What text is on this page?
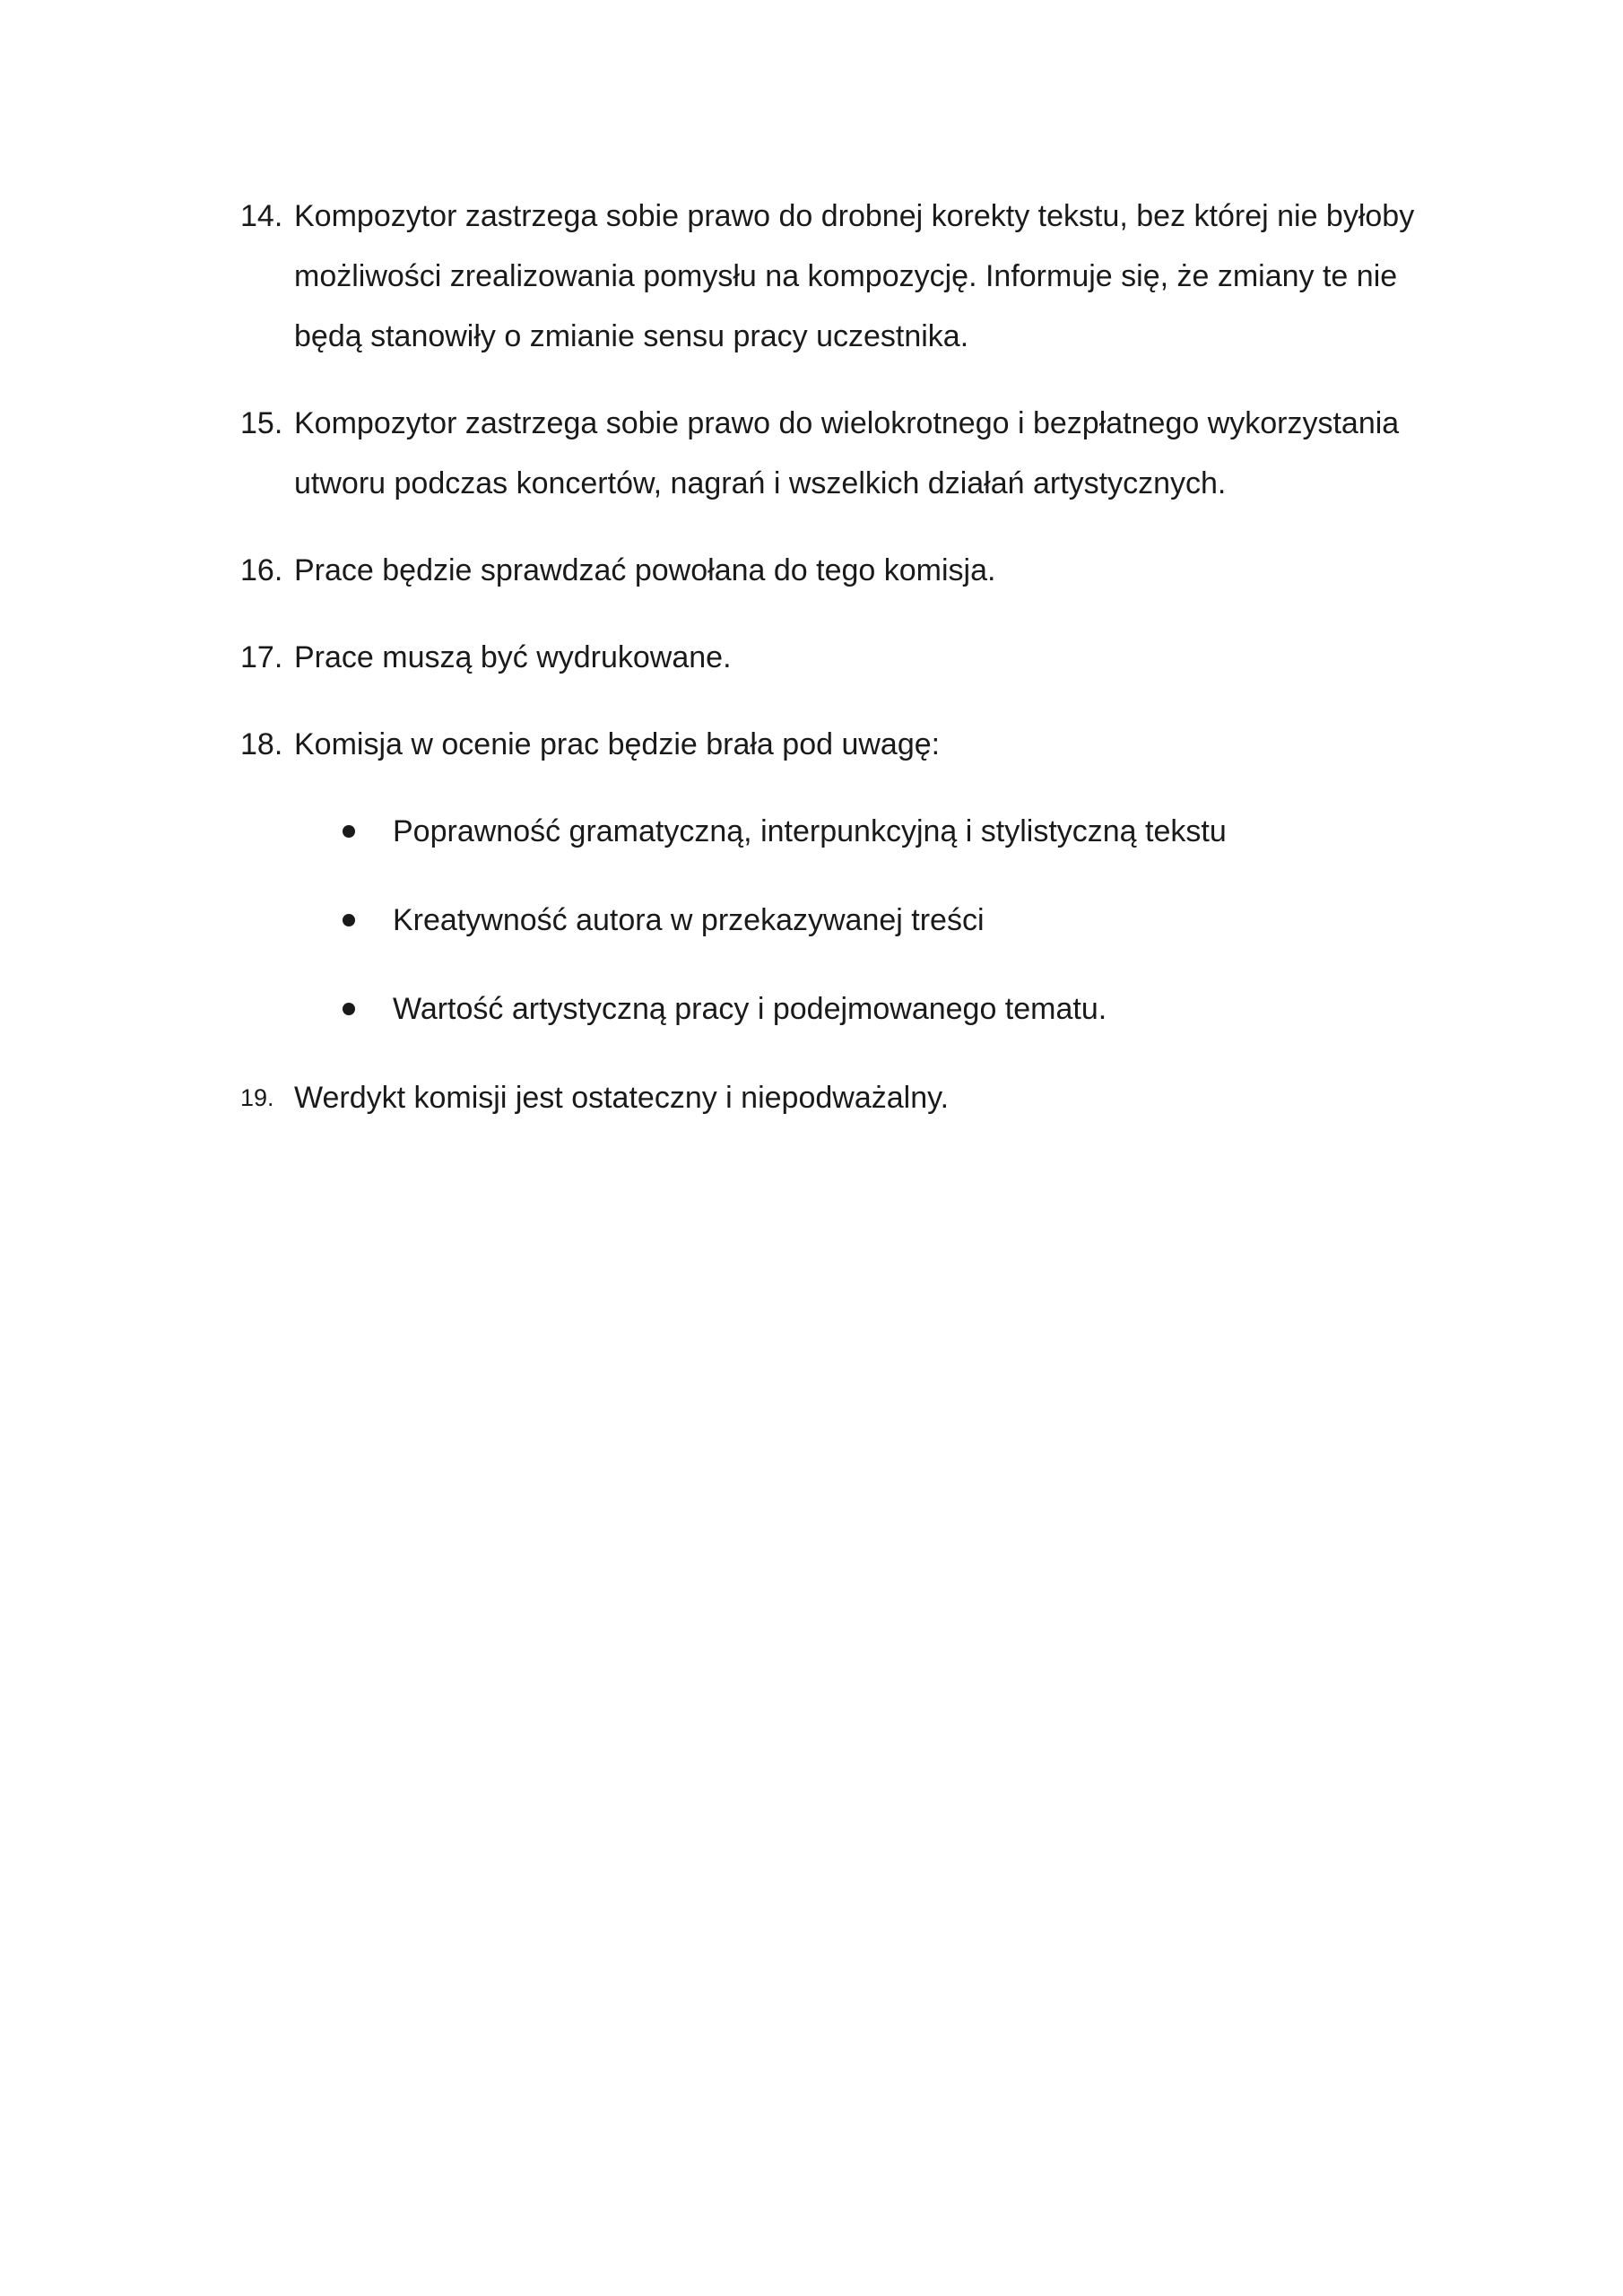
14. Kompozytor zastrzega sobie prawo do drobnej korekty tekstu, bez której nie byłoby możliwości zrealizowania pomysłu na kompozycję. Informuje się, że zmiany te nie będą stanowiły o zmianie sensu pracy uczestnika.
15. Kompozytor zastrzega sobie prawo do wielokrotnego i bezpłatnego wykorzystania utworu podczas koncertów, nagrań i wszelkich działań artystycznych.
16. Prace będzie sprawdzać powołana do tego komisja.
17. Prace muszą być wydrukowane.
18. Komisja w ocenie prac będzie brała pod uwagę:
Poprawność gramatyczną, interpunkcyjną i stylistyczną tekstu
Kreatywność autora w przekazywanej treści
Wartość artystyczną pracy i podejmowanego tematu.
19. Werdykt komisji jest ostateczny i niepodważalny.
